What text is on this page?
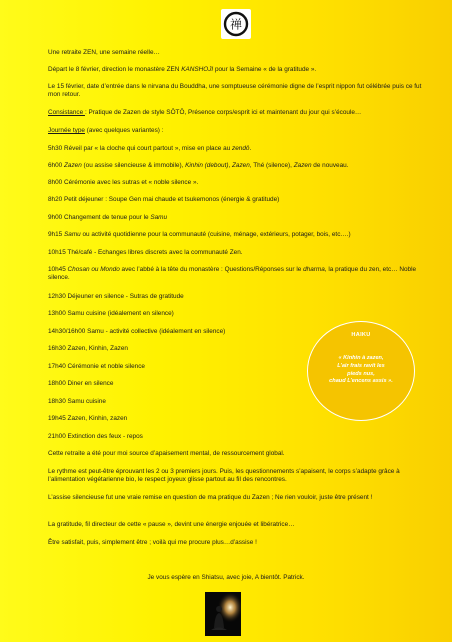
禅

Une retraite ZEN, une semaine réelle…

Départ le 8 février, direction le monastère ZEN KANSHOJI pour la Semaine « de la gratitude ».

Le 15 février, date d’entrée dans le nirvana du Bouddha, une somptueuse cérémonie digne de l’esprit nippon fut célébrée puis ce fut mon retour.

Consistance : Pratique de Zazen de style SÔTÔ, Présence corps/esprit ici et maintenant du jour qui s’écoule…

Journée type (avec quelques variantes) :

5h30 Réveil par « la cloche qui court partout », mise en place au zendô.

6h00 Zazen (ou assise silencieuse & immobile), Kinhin (debout), Zazen, Thé (silence), Zazen de nouveau.

8h00 Cérémonie avec les sutras et « noble silence ».

8h20 Petit déjeuner : Soupe Gen mai chaude et tsukemonos (énergie & gratitude)

9h00 Changement de tenue pour le Samu

9h15 Samu ou activité quotidienne pour la communauté (cuisine, ménage, extérieurs, potager, bois, etc….)

10h15 Thé/café - Echanges libres discrets avec la communauté Zen.

10h45 Chosan ou Mondo avec l’abbé à la tête du monastère : Questions/Réponses sur le dharma, la pratique du zen, etc… Noble silence.

12h30 Déjeuner en silence - Sutras de gratitude

13h00 Samu cuisine (idéalement en silence)

14h30/16h00 Samu - activité collective (idéalement en silence)

16h30 Zazen, Kinhin, Zazen

17h40 Cérémonie et noble silence

18h00 Diner en silence

18h30 Samu cuisine

19h45 Zazen, Kinhin, zazen

21h00 Extinction des feux - repos

Cette retraite a été pour moi source d’apaisement mental, de ressourcement global.

Le rythme est peut-être éprouvant les 2 ou 3 premiers jours. Puis, les questionnements s’apaisent, le corps s’adapte grâce à l’alimentation végétarienne bio, le respect joyeux glisse partout au fil des rencontres.

L’assise silencieuse fut une vraie remise en question de ma pratique du Zazen ; Ne rien vouloir, juste être présent !

La gratitude, fil directeur de cette « pause », devint une énergie enjouée et libératrice…

Être satisfait, puis, simplement être ; voilà qui me procure plus…d’assise !

HAIKU
« Kinhin à zazen,
L’air frais ravit les
pieds nus,
chaud L’encens assis ».
Je vous espère en Shiatsu, avec joie, A bientôt. Patrick.
